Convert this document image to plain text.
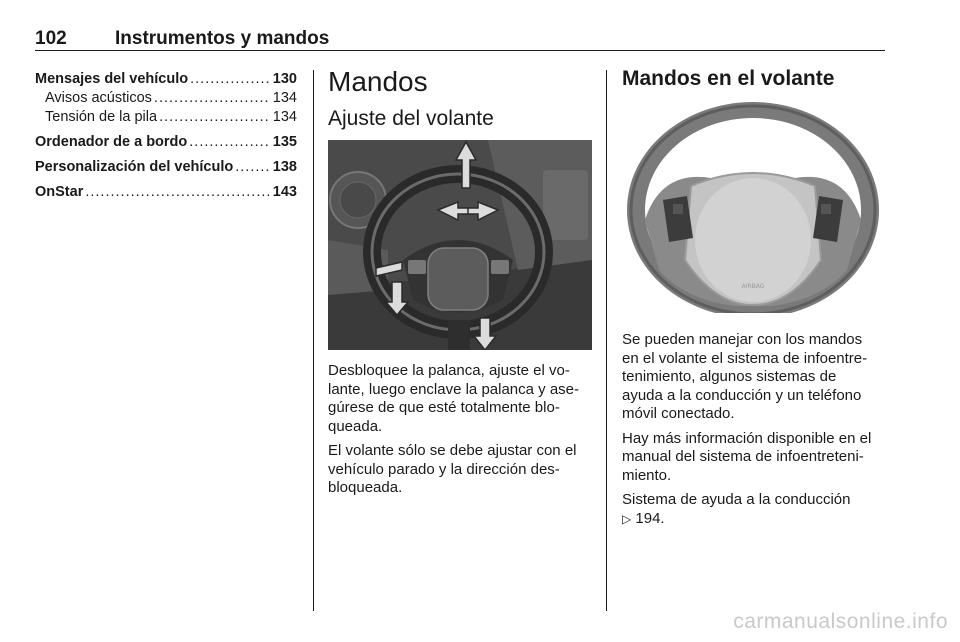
102	Instrumentos y mandos
Mensajes del vehículo .....	130
Avisos acústicos .....	134
Tensión de la pila .....	134
Ordenador de a bordo .....	135
Personalización del vehículo .....	138
OnStar .....	143
Mandos
Ajuste del volante

Desbloquee la palanca, ajuste el vo-
lante, luego enclave la palanca y ase-
gúrese de que esté totalmente blo-
queada.

El volante sólo se debe ajustar con el
vehículo parado y la dirección des-
bloqueada.

Mandos en el volante

Se pueden manejar con los mandos
en el volante el sistema de infoentre-
tenimiento, algunos sistemas de
ayuda a la conducción y un teléfono
móvil conectado.

Hay más información disponible en el
manual del sistema de infoentreteni-
miento.

Sistema de ayuda a la conducción
▷ 194.

AIRBAG
carmanualsonline.info
